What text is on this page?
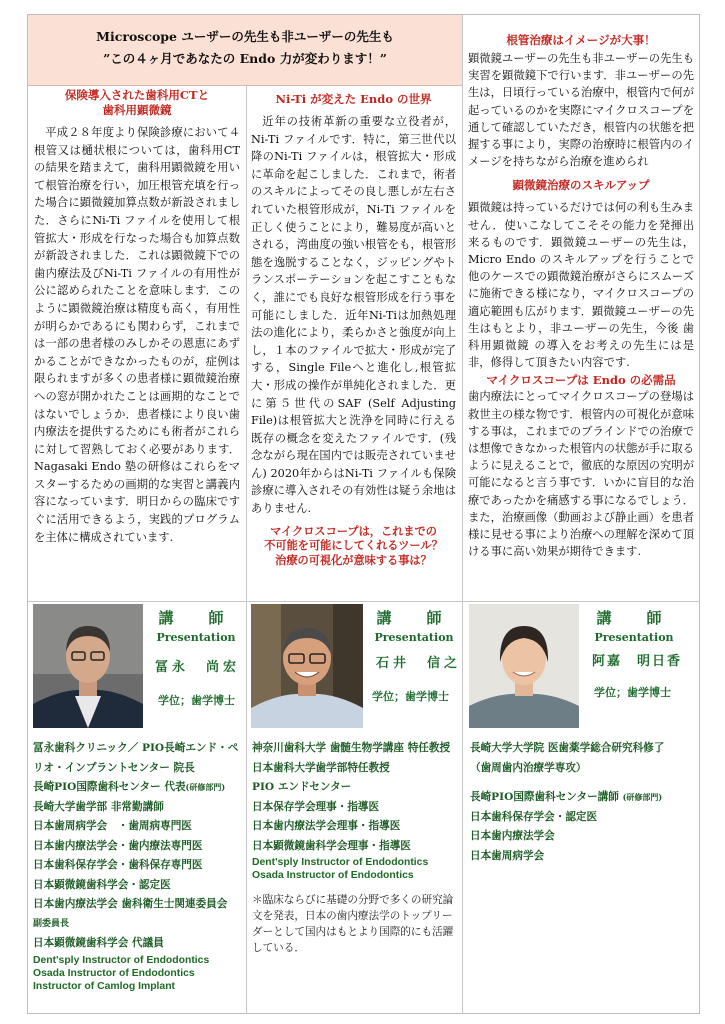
Microscope ユーザーの先生も非ユーザーの先生も

”この４ヶ月であなたの Endo 力が変わります！”

保険導入された歯科用CTと
歯科用顕微鏡

平成２８年度より保険診療において４根管又は樋状根については，歯科用CTの結果を踏まえて，歯科用顕微鏡を用いて根管治療を行い，加圧根管充填を行った場合に顕微鏡加算点数が新設されました．さらにNi-Ti ファイルを使用して根管拡大・形成を行なった場合も加算点数が新設されました．これは顕微鏡下での歯内療法及びNi-Ti ファイルの有用性が公に認められたことを意味します．このように顕微鏡治療は精度も高く，有用性が明らかであるにも関わらず，これまでは一部の患者様のみしかその恩恵にあずかることができなかったものが，症例は限られますが多くの患者様に顕微鏡治療への窓が開かれたことは画期的なことではないでしょうか．患者様により良い歯内療法を提供するためにも術者がこれらに対して習熟しておく必要があります．Nagasaki Endo 塾の研修はこれらをマスターするための画期的な実習と講義内容になっています．明日からの臨床ですぐに活用できるよう，実践的プログラムを主体に構成されています.

Ni-Ti が変えた Endo の世界

近年の技術革新の重要な立役者が，Ni-Ti ファイルです．特に，第三世代以降のNi-Ti ファイルは，根管拡大・形成に革命を起こしました．これまで，術者のスキルによってその良し悪しが左右されていた根管形成が，Ni-Ti ファイルを正しく使うことにより，難易度が高いとされる，湾曲度の強い根管をも，根管形態を逸脱することなく，ジッピングやトランスポーテーションを起こすこともなく，誰にでも良好な根管形成を行う事を可能にしました．近年Ni-Tiは加熱処理法の進化により，柔らかさと強度が向上し，１本のファイルで拡大・形成が完了する，Single Fileへと進化し,根管拡大・形成の操作が単純化されました．更に第５世代のSAF (Self Adjusting File)は根管拡大と洗浄を同時に行える既存の概念を変えたファイルです．(残念ながら現在国内では販売されていません) 2020年からはNi-Ti ファイルも保険診療に導入されその有効性は疑う余地はありません.

マイクロスコープは，これまでの
不可能を可能にしてくれるツール？
治療の可視化が意味する事は？
根管治療はイメージが大事！

顕微鏡ユーザーの先生も非ユーザーの先生も実習を顕微鏡下で行います．非ユーザーの先生は，日頃行っている治療中，根管内で何が起っているのかを実際にマイクロスコープを通して確認していただき，根管内の状態を把握する事により，実際の治療時に根管内のイメージを持ちながら治療を進められ

顕微鏡治療のスキルアップ

顕微鏡は持っているだけでは何の利も生みません．使いこなしてこそその能力を発揮出来るものです．顕微鏡ユーザーの先生は， Micro Endo のスキルアップを行うことで他のケースでの顕微鏡治療がさらにスムーズに施術できる様になり，マイクロスコープの適応範囲も広がります．顕微鏡ユーザーの先生はもとより，非ユーザーの先生，今後 歯科用顕微鏡 の導入をお考えの先生には是非，修得して頂きたい内容です.

マイクロスコープは Endo の必需品

歯内療法にとってマイクロスコープの登場は救世主の様な物です．根管内の可視化が意味する事は，これまでのブラインドでの治療では想像できなかった根管内の状態が手に取るように見えることで，徹底的な原因の究明が可能になると言う事です．いかに盲目的な治療であったかを痛感する事になるでしょう．また，治療画像（動画および静止画）を患者様に見せる事により治療への理解を深めて頂ける事に高い効果が期待できます.

講　師
Presentation
冨永　尚宏
学位；歯学博士
冨永歯科クリニック／ PIO長崎エンド・ペリオ・インプラントセンター 院長
長崎PIO国際歯科センター 代表(研修部門)
長崎大学歯学部 非常勤講師
日本歯周病学会　・歯周病専門医
日本歯内療法学会・歯内療法専門医
日本歯科保存学会・歯科保存専門医
日本顕微鏡歯科学会・認定医
日本歯内療法学会 歯科衛生士関連委員会
副委員長
日本顕微鏡歯科学会 代議員
Dent'sply Instructor of Endodontics
Osada Instructor of Endodontics
Instructor of Camlog Implant
講　師
Presentation
石井　信之
学位；歯学博士
神奈川歯科大学 歯髄生物学講座 特任教授
日本歯科大学歯学部特任教授
PIO エンドセンター
日本保存学会理事・指導医
日本歯内療法学会理事・指導医
日本顕微鏡歯科学会理事・指導医
Dent'sply Instructor of Endodontics
Osada Instructor of Endodontics
＊臨床ならびに基礎の分野で多くの研究論文を発表，日本の歯内療法学のトップリーダーとして国内はもとより国際的にも活躍している．
講　師
Presentation
阿嘉　明日香
学位；歯学博士
長崎大学大学院 医歯薬学総合研究科修了
（歯周歯内治療学専攻）
長崎PIO国際歯科センター講師 (研修部門)
日本歯科保存学会・認定医
日本歯内療法学会
日本歯周病学会
